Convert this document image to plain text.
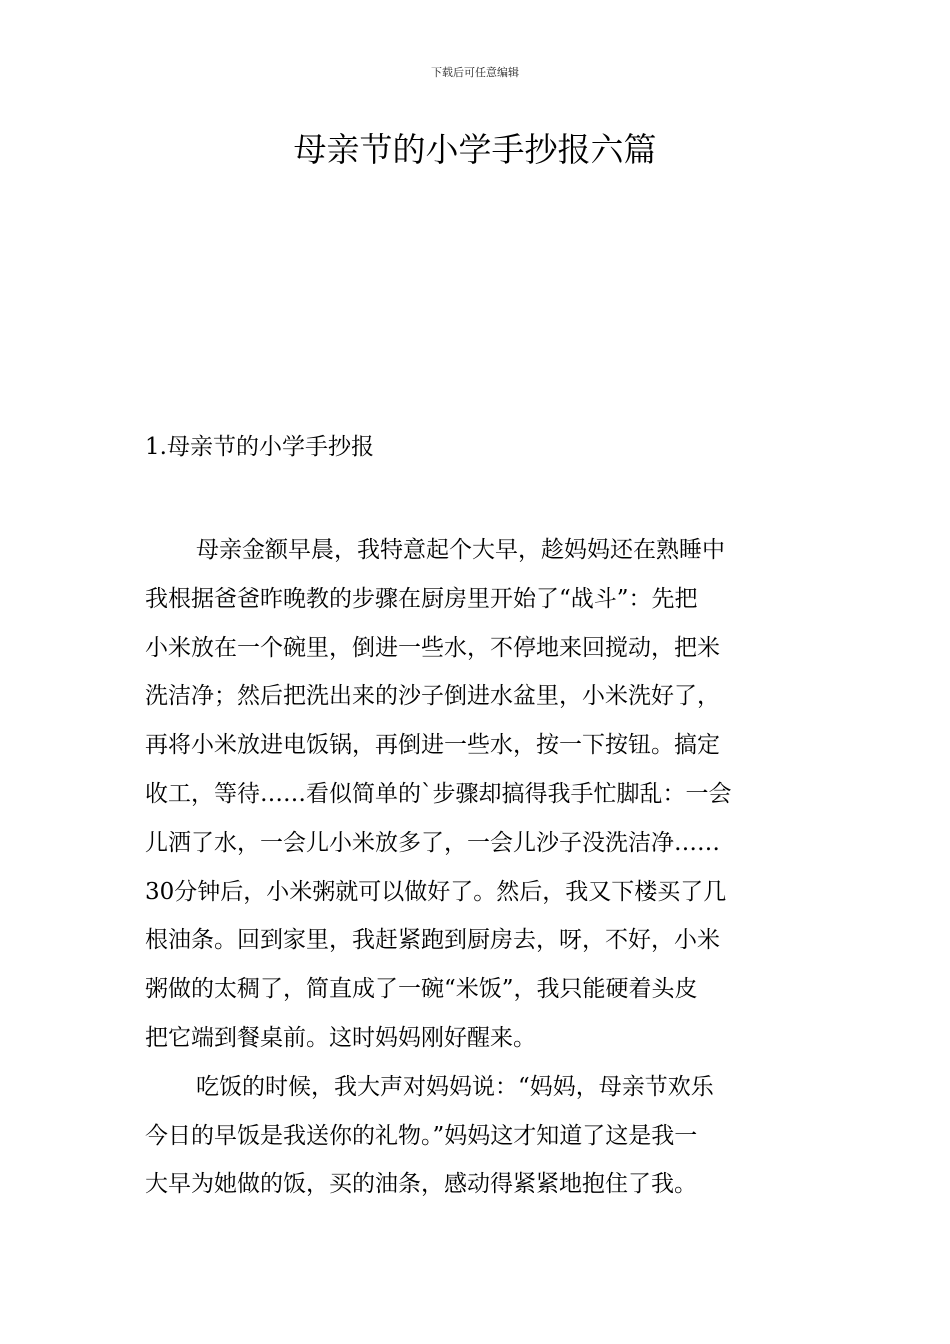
下载后可任意编辑
母亲节的小学手抄报六篇
1.母亲节的小学手抄报
母亲金额早晨，我特意起个大早，趁妈妈还在熟睡中
我根据爸爸昨晚教的步骤在厨房里开始了“战斗”：先把
小米放在一个碗里，倒进一些水，不停地来回搅动，把米
洗洁净；然后把洗出来的沙子倒进水盆里，小米洗好了，
再将小米放进电饭锅，再倒进一些水，按一下按钮。搞定
收工，等待……看似简单的`步骤却搞得我手忙脚乱：一会
儿洒了水，一会儿小米放多了，一会儿沙子没洗洁净……
30分钟后，小米粥就可以做好了。然后，我又下楼买了几
根油条。回到家里，我赶紧跑到厨房去，呀，不好，小米
粥做的太稠了，简直成了一碗“米饭”，我只能硬着头皮
把它端到餐桌前。这时妈妈刚好醒来。
吃饭的时候，我大声对妈妈说：“妈妈，母亲节欢乐
今日的早饭是我送你的礼物。”妈妈这才知道了这是我一
大早为她做的饭，买的油条，感动得紧紧地抱住了我。
